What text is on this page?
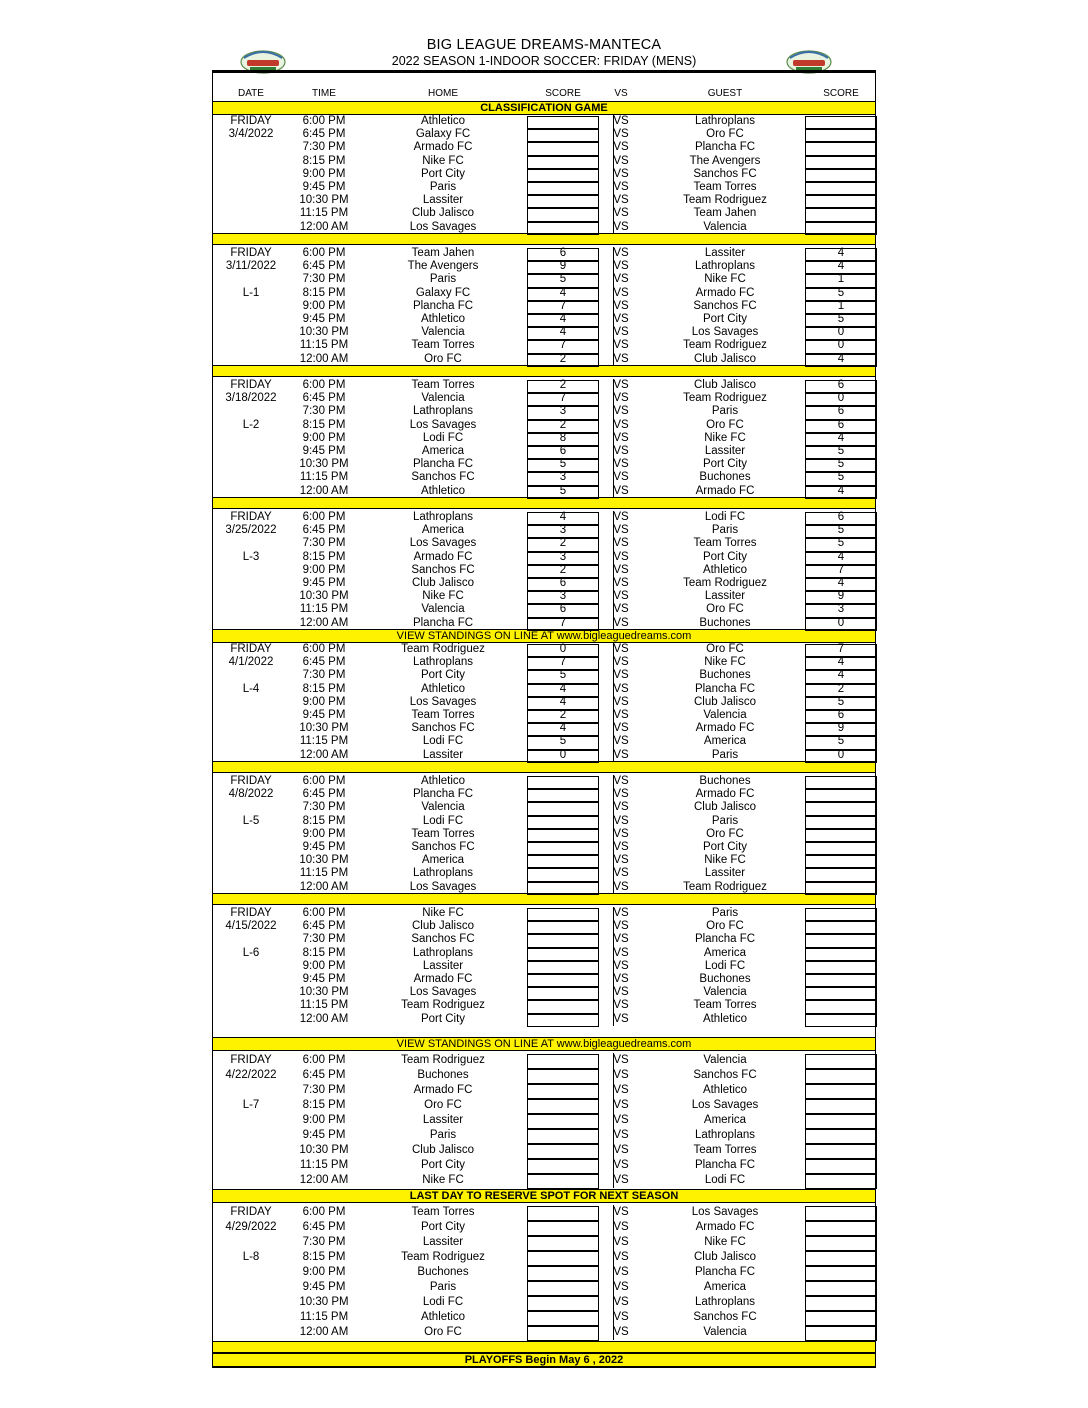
BIG LEAGUE DREAMS-MANTECA
2022 SEASON 1-INDOOR SOCCER: FRIDAY (MENS)
DATE	TIME	HOME	SCORE	VS	GUEST	SCORE
CLASSIFICATION GAME
VIEW STANDINGS ON LINE AT www.bigleaguedreams.com
VIEW STANDINGS ON LINE AT www.bigleaguedreams.com
LAST DAY TO RESERVE SPOT FOR NEXT SEASON
PLAYOFFS Begin May 6 , 2022
FRIDAY	6:00 PM	Athletico	VS	Lathroplans
3/4/2022	6:45 PM	Galaxy FC	VS	Oro FC
7:30 PM	Armado FC	VS	Plancha FC
8:15 PM	Nike FC	VS	The Avengers
9:00 PM	Port City	VS	Sanchos FC
9:45 PM	Paris	VS	Team Torres
10:30 PM	Lassiter	VS	Team Rodriguez
11:15 PM	Club Jalisco	VS	Team Jahen
12:00 AM	Los Savages	VS	Valencia
FRIDAY	6:00 PM	Team Jahen	6	VS	Lassiter	4
3/11/2022	6:45 PM	The Avengers	9	VS	Lathroplans	4
7:30 PM	Paris	5	VS	Nike FC	1
L-1	8:15 PM	Galaxy FC	4	VS	Armado FC	5
9:00 PM	Plancha FC	7	VS	Sanchos FC	1
9:45 PM	Athletico	4	VS	Port City	5
10:30 PM	Valencia	4	VS	Los Savages	0
11:15 PM	Team Torres	7	VS	Team Rodriguez	0
12:00 AM	Oro FC	2	VS	Club Jalisco	4
FRIDAY	6:00 PM	Team Torres	2	VS	Club Jalisco	6
3/18/2022	6:45 PM	Valencia	7	VS	Team Rodriguez	0
7:30 PM	Lathroplans	3	VS	Paris	6
L-2	8:15 PM	Los Savages	2	VS	Oro FC	6
9:00 PM	Lodi FC	8	VS	Nike FC	4
9:45 PM	America	6	VS	Lassiter	5
10:30 PM	Plancha FC	5	VS	Port City	5
11:15 PM	Sanchos FC	3	VS	Buchones	5
12:00 AM	Athletico	5	VS	Armado FC	4
FRIDAY	6:00 PM	Lathroplans	4	VS	Lodi FC	6
3/25/2022	6:45 PM	America	3	VS	Paris	5
7:30 PM	Los Savages	2	VS	Team Torres	5
L-3	8:15 PM	Armado FC	3	VS	Port City	4
9:00 PM	Sanchos FC	2	VS	Athletico	7
9:45 PM	Club Jalisco	6	VS	Team Rodriguez	4
10:30 PM	Nike FC	3	VS	Lassiter	9
11:15 PM	Valencia	6	VS	Oro FC	3
12:00 AM	Plancha FC	7	VS	Buchones	0
FRIDAY	6:00 PM	Team Rodriguez	0	VS	Oro FC	7
4/1/2022	6:45 PM	Lathroplans	7	VS	Nike FC	4
7:30 PM	Port City	5	VS	Buchones	4
L-4	8:15 PM	Athletico	4	VS	Plancha FC	2
9:00 PM	Los Savages	4	VS	Club Jalisco	5
9:45 PM	Team Torres	2	VS	Valencia	6
10:30 PM	Sanchos FC	4	VS	Armado FC	9
11:15 PM	Lodi FC	5	VS	America	5
12:00 AM	Lassiter	0	VS	Paris	0
FRIDAY	6:00 PM	Athletico	VS	Buchones
4/8/2022	6:45 PM	Plancha FC	VS	Armado FC
7:30 PM	Valencia	VS	Club Jalisco
L-5	8:15 PM	Lodi FC	VS	Paris
9:00 PM	Team Torres	VS	Oro FC
9:45 PM	Sanchos FC	VS	Port City
10:30 PM	America	VS	Nike FC
11:15 PM	Lathroplans	VS	Lassiter
12:00 AM	Los Savages	VS	Team Rodriguez
FRIDAY	6:00 PM	Nike FC	VS	Paris
4/15/2022	6:45 PM	Club Jalisco	VS	Oro FC
7:30 PM	Sanchos FC	VS	Plancha FC
L-6	8:15 PM	Lathroplans	VS	America
9:00 PM	Lassiter	VS	Lodi FC
9:45 PM	Armado FC	VS	Buchones
10:30 PM	Los Savages	VS	Valencia
11:15 PM	Team Rodriguez	VS	Team Torres
12:00 AM	Port City	VS	Athletico
FRIDAY	6:00 PM	Team Rodriguez	VS	Valencia
4/22/2022	6:45 PM	Buchones	VS	Sanchos FC
7:30 PM	Armado FC	VS	Athletico
L-7	8:15 PM	Oro FC	VS	Los Savages
9:00 PM	Lassiter	VS	America
9:45 PM	Paris	VS	Lathroplans
10:30 PM	Club Jalisco	VS	Team Torres
11:15 PM	Port City	VS	Plancha FC
12:00 AM	Nike FC	VS	Lodi FC
FRIDAY	6:00 PM	Team Torres	VS	Los Savages
4/29/2022	6:45 PM	Port City	VS	Armado FC
7:30 PM	Lassiter	VS	Nike FC
L-8	8:15 PM	Team Rodriguez	VS	Club Jalisco
9:00 PM	Buchones	VS	Plancha FC
9:45 PM	Paris	VS	America
10:30 PM	Lodi FC	VS	Lathroplans
11:15 PM	Athletico	VS	Sanchos FC
12:00 AM	Oro FC	VS	Valencia
